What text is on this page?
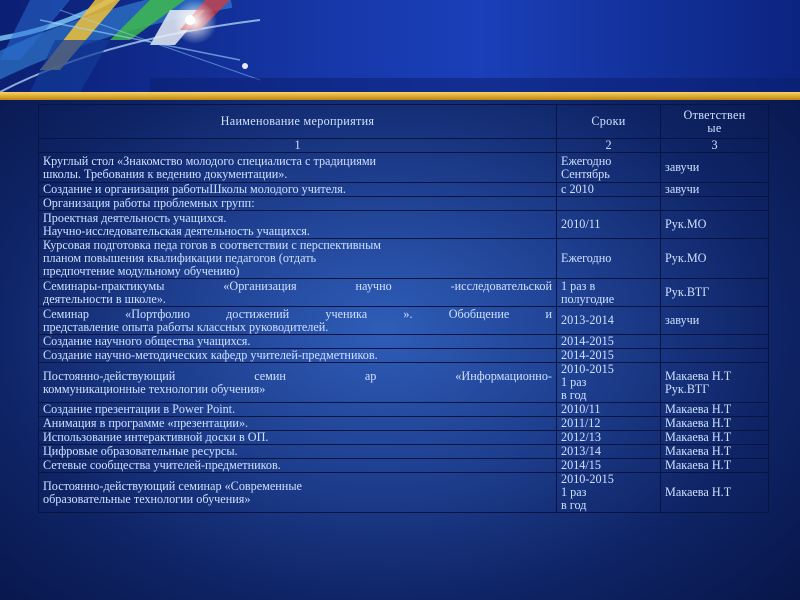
Наименование мероприятия	Сроки	Ответствен
ые

1	2	3

Круглый стол «Знакомство молодого специалиста с традициями
школы. Требования к ведению документации».	Ежегодно
Сентябрь	завучи

Создание и организация работыШколы молодого учителя.	с 2010	завучи

Организация работы проблемных групп:		

Проектная деятельность учащихся.
Научно-исследовательская деятельность учащихся.	2010/11	Рук.МО

Курсовая подготовка педа гогов в соответствии с перспективным
планом повышения квалификации педагогов (отдать
предпочтение модульному обучению)	Ежегодно	Рук.МО

Семинары-практикумы «Организация научно -исследовательской
деятельности в школе».	1 раз в
полугодие	Рук.ВТГ

Семинар «Портфолио достижений ученика ». Обобщение и
представление опыта работы классных руководителей.	2013-2014	завучи

Создание научного общества учащихся.	2014-2015	

Создание научно-методических кафедр учителей-предметников.	2014-2015	

Постоянно-действующий семин ар «Информационно-
коммуникационные технологии обучения»	2010-2015
1 раз
в год	Макаева Н.Т
Рук.ВТГ

Создание презентации в Power Point.	2010/11	Макаева Н.Т

Анимация в программе «презентации».	2011/12	Макаева Н.Т

Использование интерактивной доски в ОП.	2012/13	Макаева Н.Т

Цифровые образовательные ресурсы.	2013/14	Макаева Н.Т

Сетевые сообщества учителей-предметников.	2014/15	Макаева Н.Т

Постоянно-действующий семинар «Современные
образовательные технологии обучения»	2010-2015
1 раз
в год	Макаева Н.Т
